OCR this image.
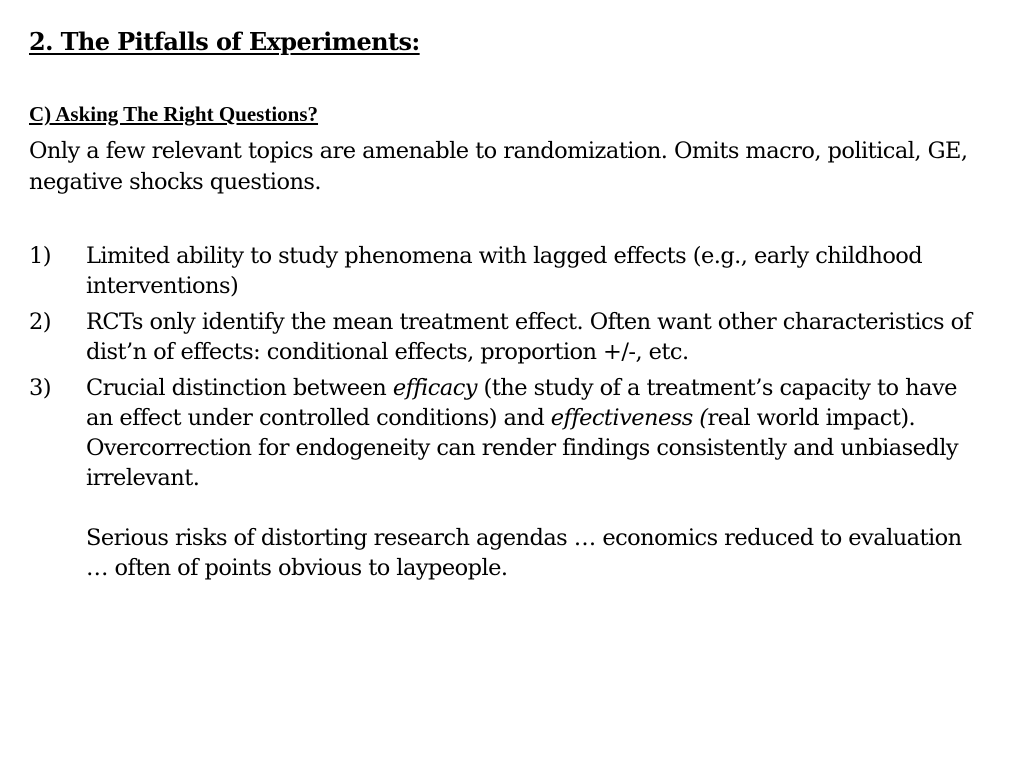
2. The Pitfalls of Experiments:
C) Asking The Right Questions?

Only a few relevant topics are amenable to randomization. Omits macro, political, GE, negative shocks questions.

1) Limited ability to study phenomena with lagged effects (e.g., early childhood interventions)

2) RCTs only identify the mean treatment effect. Often want other characteristics of dist’n of effects: conditional effects, proportion +/-, etc.

3) Crucial distinction between efficacy (the study of a treatment’s capacity to have an effect under controlled conditions) and effectiveness (real world impact). Overcorrection for endogeneity can render findings consistently and unbiasedly irrelevant.

Serious risks of distorting research agendas … economics reduced to evaluation … often of points obvious to laypeople.
